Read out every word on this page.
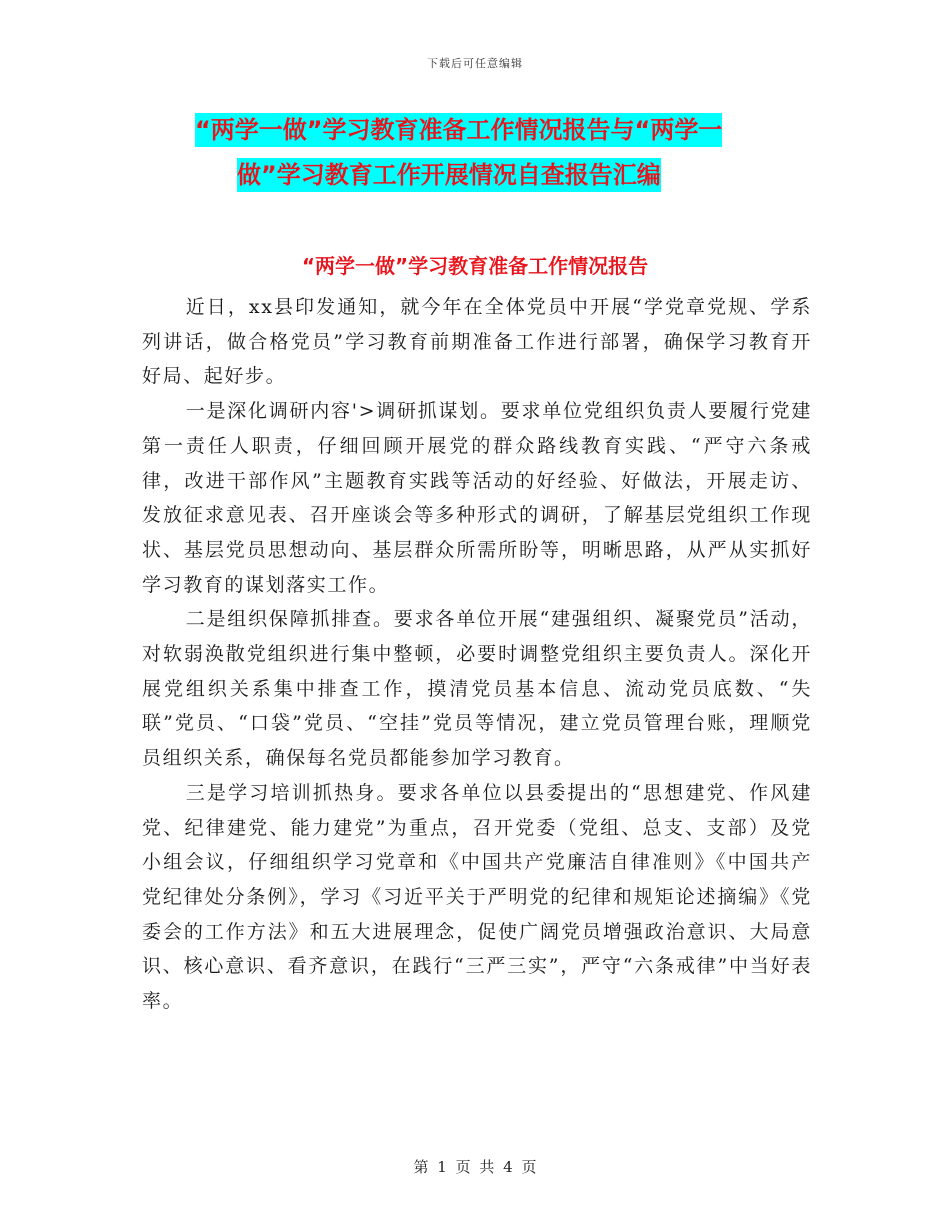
下载后可任意编辑
“两学一做”学习教育准备工作情况报告与“两学一
做”学习教育工作开展情况自查报告汇编
“两学一做”学习教育准备工作情况报告

近日，xx县印发通知，就今年在全体党员中开展“学党章党规、学系列讲话，做合格党员”学习教育前期准备工作进行部署，确保学习教育开好局、起好步。

一是深化调研内容'>调研抓谋划。要求单位党组织负责人要履行党建第一责任人职责，仔细回顾开展党的群众路线教育实践、“严守六条戒律，改进干部作风”主题教育实践等活动的好经验、好做法，开展走访、发放征求意见表、召开座谈会等多种形式的调研，了解基层党组织工作现状、基层党员思想动向、基层群众所需所盼等，明晰思路，从严从实抓好学习教育的谋划落实工作。

二是组织保障抓排查。要求各单位开展“建强组织、凝聚党员”活动，对软弱涣散党组织进行集中整顿，必要时调整党组织主要负责人。深化开展党组织关系集中排查工作，摸清党员基本信息、流动党员底数、“失联”党员、“口袋”党员、“空挂”党员等情况，建立党员管理台账，理顺党员组织关系，确保每名党员都能参加学习教育。

三是学习培训抓热身。要求各单位以县委提出的“思想建党、作风建党、纪律建党、能力建党”为重点，召开党委（党组、总支、支部）及党小组会议，仔细组织学习党章和《中国共产党廉洁自律准则》《中国共产党纪律处分条例》，学习《习近平关于严明党的纪律和规矩论述摘编》《党委会的工作方法》和五大进展理念，促使广阔党员增强政治意识、大局意识、核心意识、看齐意识，在践行“三严三实”，严守“六条戒律”中当好表率。

第 1 页 共 4 页
